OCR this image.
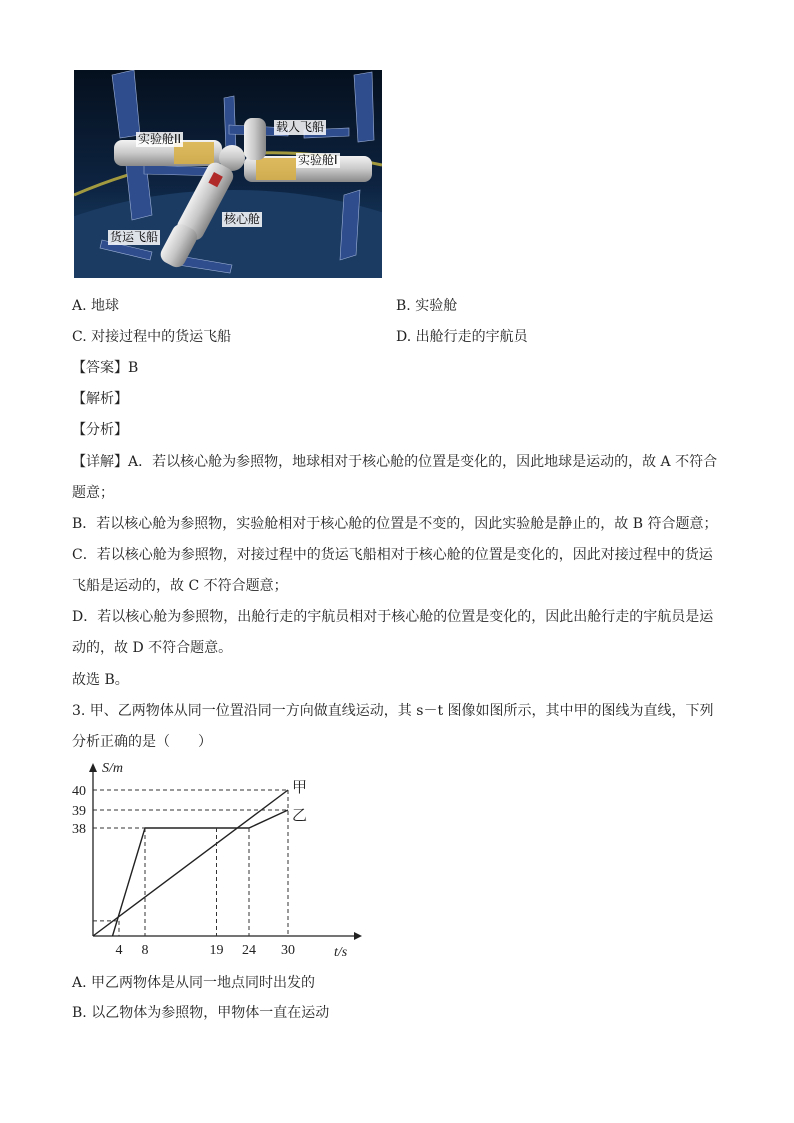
实验舱II
载人飞船
实验舱I
核心舱
货运飞船
A. 地球	B. 实验舱
C. 对接过程中的货运飞船	D. 出舱行走的宇航员
【答案】B
【解析】
【分析】
【详解】A．若以核心舱为参照物，地球相对于核心舱的位置是变化的，因此地球是运动的，故 A 不符合
题意；
B．若以核心舱为参照物，实验舱相对于核心舱的位置是不变的，因此实验舱是静止的，故 B 符合题意；
C．若以核心舱为参照物，对接过程中的货运飞船相对于核心舱的位置是变化的，因此对接过程中的货运
飞船是运动的，故 C 不符合题意；
D．若以核心舱为参照物，出舱行走的宇航员相对于核心舱的位置是变化的，因此出舱行走的宇航员是运
动的，故 D 不符合题意。
故选 B。
3. 甲、乙两物体从同一位置沿同一方向做直线运动，其 s－t 图像如图所示，其中甲的图线为直线，下列
分析正确的是（　　）
S/m
t/s
38
39
40
4 8	19 24 30
甲
乙
A. 甲乙两物体是从同一地点同时出发的
B. 以乙物体为参照物，甲物体一直在运动
